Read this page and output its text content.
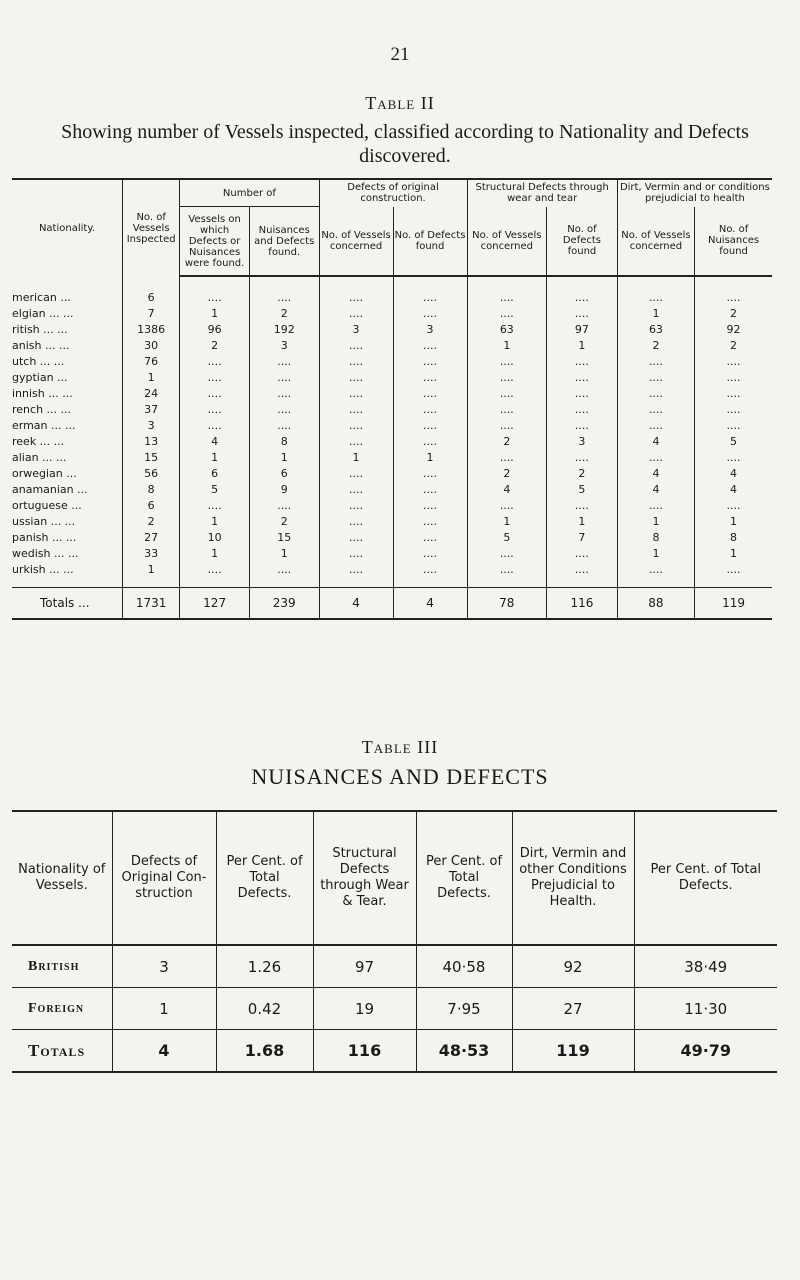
21
Table II
Showing number of Vessels inspected, classified according to Nationality and Defects discovered.
Nationality.	No. of Vessels Inspected	Number of		Defects of original construction.		Structural Defects through wear and tear		Dirt, Vermin and or conditions prejudicial to health	
		Vessels on which Defects or Nuisances were found.	Nuisances and Defects found.	No. of Vessels concerned	No. of Defects found	No. of Vessels concerned	No. of Defects found	No. of Vessels concerned	No. of Nuisances found

merican ...	6	....	....	....	....	....	....	....	....
elgian ... ...	7	1	2	....	....	....	....	1	2
ritish ... ...	1386	96	192	3	3	63	97	63	92
anish ... ...	30	2	3	....	....	1	1	2	2
utch ... ...	76	....	....	....	....	....	....	....	....
gyptian ...	1	....	....	....	....	....	....	....	....
innish ... ...	24	....	....	....	....	....	....	....	....
rench ... ...	37	....	....	....	....	....	....	....	....
erman ... ...	3	....	....	....	....	....	....	....	....
reek ... ...	13	4	8	....	....	2	3	4	5
alian ... ...	15	1	1	1	1	....	....	....	....
orwegian ...	56	6	6	....	....	2	2	4	4
anamanian ...	8	5	9	....	....	4	5	4	4
ortuguese ...	6	....	....	....	....	....	....	....	....
ussian ... ...	2	1	2	....	....	1	1	1	1
panish ... ...	27	10	15	....	....	5	7	8	8
wedish ... ...	33	1	1	....	....	....	....	1	1
urkish ... ...	1	....	....	....	....	....	....	....	....

Totals ...	1731	127	239	4	4	78	116	88	119
Table III
NUISANCES AND DEFECTS
Nationality of Vessels.	Defects of Original Con- struction	Per Cent. of Total Defects.	Structural Defects through Wear & Tear.	Per Cent. of Total Defects.	Dirt, Vermin and other Conditions Prejudicial to Health.	Per Cent. of Total Defects.
British	3	1.26	97	40·58	92	38·49
Foreign	1	0.42	19	7·95	27	11·30
Totals	4	1.68	116	48·53	119	49·79
